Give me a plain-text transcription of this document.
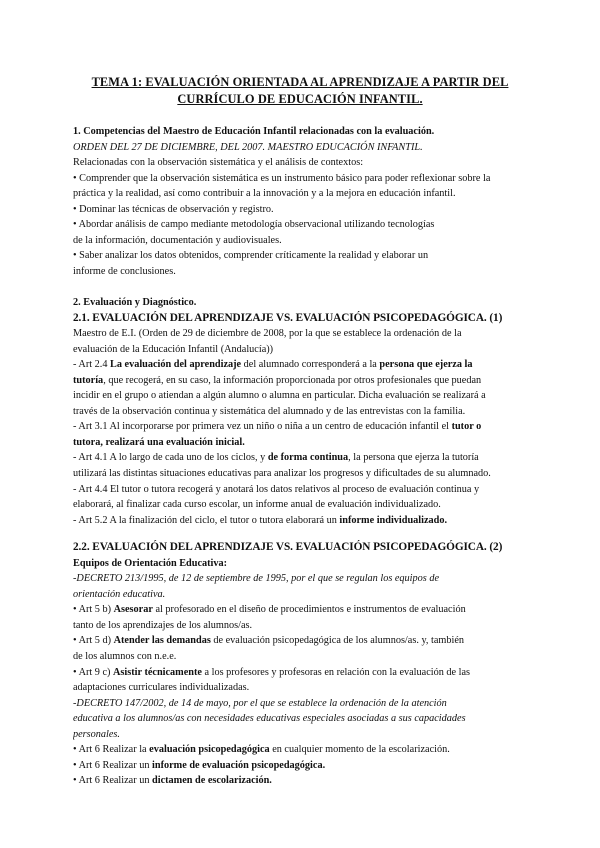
TEMA 1: EVALUACIÓN ORIENTADA AL APRENDIZAJE A PARTIR DEL
CURRÍCULO DE EDUCACIÓN INFANTIL.
1. Competencias del Maestro de Educación Infantil relacionadas con la evaluación.
ORDEN DEL 27 DE DICIEMBRE, DEL 2007. MAESTRO EDUCACIÓN INFANTIL.
Relacionadas con la observación sistemática y el análisis de contextos:
• Comprender que la observación sistemática es un instrumento básico para poder reflexionar sobre la
práctica y la realidad, así como contribuir a la innovación y a la mejora en educación infantil.
• Dominar las técnicas de observación y registro.
• Abordar análisis de campo mediante metodología observacional utilizando tecnologías
de la información, documentación y audiovisuales.
• Saber analizar los datos obtenidos, comprender críticamente la realidad y elaborar un
informe de conclusiones.
2. Evaluación y Diagnóstico.
2.1. EVALUACIÓN DEL APRENDIZAJE VS. EVALUACIÓN PSICOPEDAGÓGICA. (1)
Maestro de E.I. (Orden de 29 de diciembre de 2008, por la que se establece la ordenación de la
evaluación de la Educación Infantil (Andalucía))
- Art 2.4 La evaluación del aprendizaje del alumnado corresponderá a la persona que ejerza la
tutoría, que recogerá, en su caso, la información proporcionada por otros profesionales que puedan
incidir en el grupo o atiendan a algún alumno o alumna en particular. Dicha evaluación se realizará a
través de la observación continua y sistemática del alumnado y de las entrevistas con la familia.
- Art 3.1 Al incorporarse por primera vez un niño o niña a un centro de educación infantil el tutor o
tutora, realizará una evaluación inicial.
- Art 4.1 A lo largo de cada uno de los ciclos, y de forma continua, la persona que ejerza la tutoría
utilizará las distintas situaciones educativas para analizar los progresos y dificultades de su alumnado.
- Art 4.4 El tutor o tutora recogerá y anotará los datos relativos al proceso de evaluación continua y
elaborará, al finalizar cada curso escolar, un informe anual de evaluación individualizado.
- Art 5.2 A la finalización del ciclo, el tutor o tutora elaborará un informe individualizado.
2.2. EVALUACIÓN DEL APRENDIZAJE VS. EVALUACIÓN PSICOPEDAGÓGICA. (2)
Equipos de Orientación Educativa:
-DECRETO 213/1995, de 12 de septiembre de 1995, por el que se regulan los equipos de
orientación educativa.
• Art 5 b) Asesorar al profesorado en el diseño de procedimientos e instrumentos de evaluación
tanto de los aprendizajes de los alumnos/as.
• Art 5 d) Atender las demandas de evaluación psicopedagógica de los alumnos/as. y, también
de los alumnos con n.e.e.
• Art 9 c) Asistir técnicamente a los profesores y profesoras en relación con la evaluación de las
adaptaciones curriculares individualizadas.
-DECRETO 147/2002, de 14 de mayo, por el que se establece la ordenación de la atención
educativa a los alumnos/as con necesidades educativas especiales asociadas a sus capacidades
personales.
• Art 6 Realizar la evaluación psicopedagógica en cualquier momento de la escolarización.
• Art 6 Realizar un informe de evaluación psicopedagógica.
• Art 6 Realizar un dictamen de escolarización.
